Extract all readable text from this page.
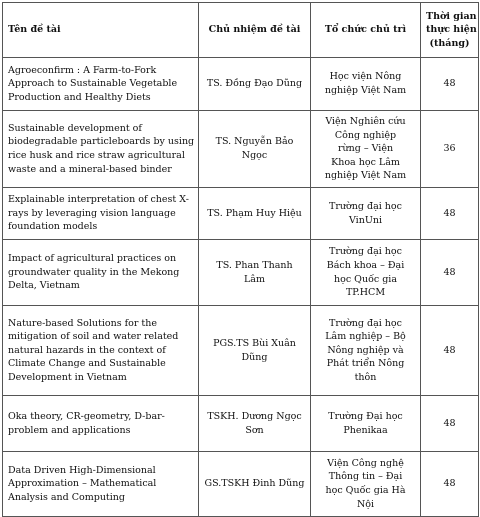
Tên đề tài	Chủ nhiệm đề tài	Tổ chức chủ trì	Thời gian
thực hiện
(tháng)

Agroeconfirm : A Farm-to-Fork
Approach to Sustainable Vegetable
Production and Healthy Diets	TS. Đồng Đạo Dũng	Học viện Nông
nghiệp Việt Nam	48

Sustainable development of
biodegradable particleboards by using
rice husk and rice straw agricultural
waste and a mineral-based binder	TS. Nguyễn Bảo
Ngọc	Viện Nghiên cứu
Công nghiệp
rừng – Viện
Khoa học Lâm
nghiệp Việt Nam	36

Explainable interpretation of chest X-
rays by leveraging vision language
foundation models	TS. Phạm Huy Hiệu	Trường đại học
VinUni	48

Impact of agricultural practices on
groundwater quality in the Mekong
Delta, Vietnam	TS. Phan Thanh
Lâm	Trường đại học
Bách khoa – Đại
học Quốc gia
TP.HCM	48

Nature-based Solutions for the
mitigation of soil and water related
natural hazards in the context of
Climate Change and Sustainable
Development in Vietnam	PGS.TS Bùi Xuân
Dũng	Trường đại học
Lâm nghiệp – Bộ
Nông nghiệp và
Phát triển Nông
thôn	48

Oka theory, CR-geometry, D-bar-
problem and applications	TSKH. Dương Ngọc
Sơn	Trường Đại học
Phenikaa	48

Data Driven High-Dimensional
Approximation – Mathematical
Analysis and Computing	GS.TSKH Đinh Dũng	Viện Công nghệ
Thông tin – Đại
học Quốc gia Hà
Nội	48
